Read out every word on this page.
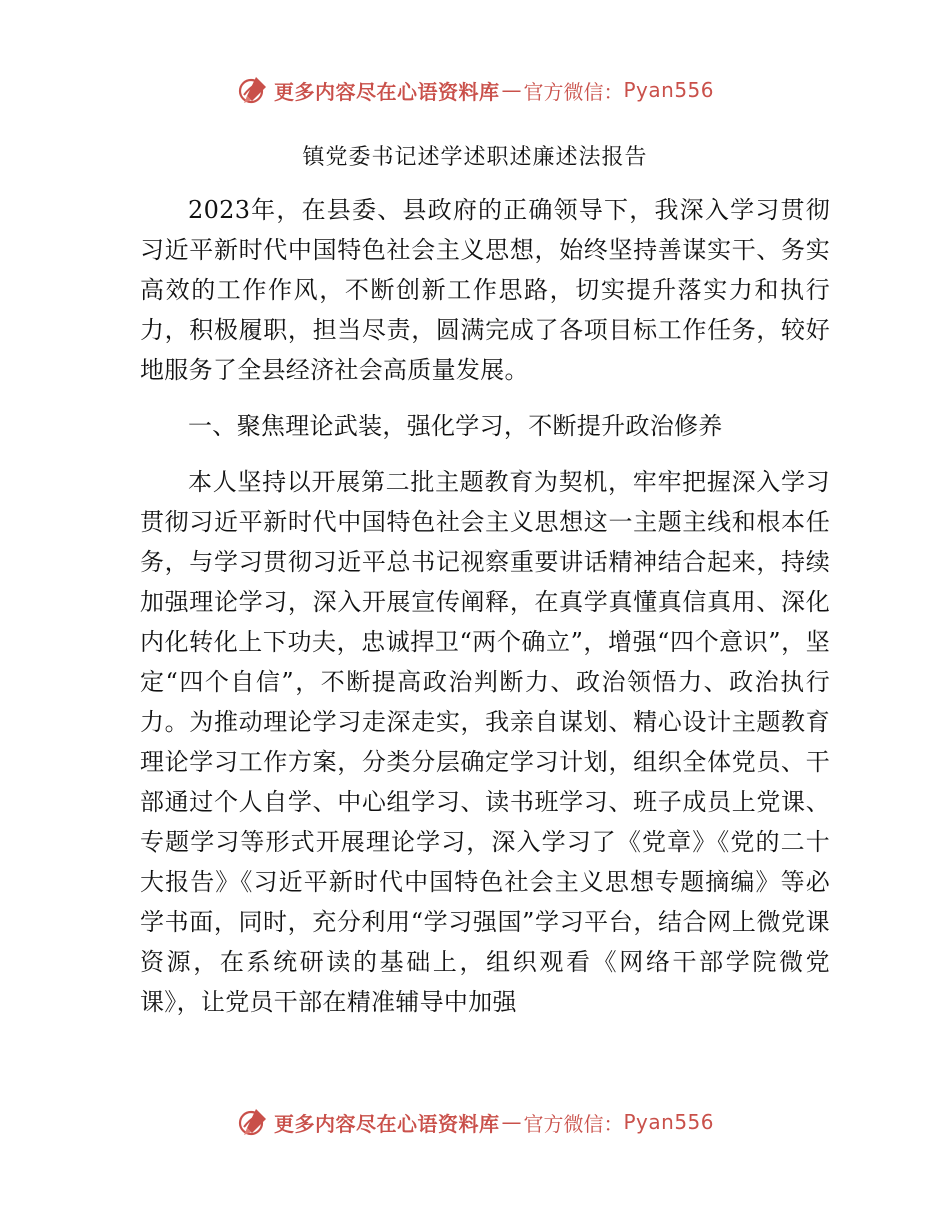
更多内容尽在心语资料库 — 官方微信： Pyan556
镇党委书记述学述职述廉述法报告

2023年，在县委、县政府的正确领导下，我深入学习贯彻习近平新时代中国特色社会主义思想，始终坚持善谋实干、务实高效的工作作风，不断创新工作思路，切实提升落实力和执行力，积极履职，担当尽责，圆满完成了各项目标工作任务，较好地服务了全县经济社会高质量发展。

一、聚焦理论武装，强化学习，不断提升政治修养

本人坚持以开展第二批主题教育为契机，牢牢把握深入学习贯彻习近平新时代中国特色社会主义思想这一主题主线和根本任务，与学习贯彻习近平总书记视察重要讲话精神结合起来，持续加强理论学习，深入开展宣传阐释，在真学真懂真信真用、深化内化转化上下功夫，忠诚捍卫“两个确立”，增强“四个意识”，坚定“四个自信”，不断提高政治判断力、政治领悟力、政治执行力。为推动理论学习走深走实，我亲自谋划、精心设计主题教育理论学习工作方案，分类分层确定学习计划，组织全体党员、干部通过个人自学、中心组学习、读书班学习、班子成员上党课、专题学习等形式开展理论学习，深入学习了《党章》《党的二十大报告》《习近平新时代中国特色社会主义思想专题摘编》等必学书面，同时，充分利用“学习强国”学习平台，结合网上微党课资源，在系统研读的基础上，组织观看《网络干部学院微党课》，让党员干部在精准辅导中加强

更多内容尽在心语资料库 — 官方微信： Pyan556
